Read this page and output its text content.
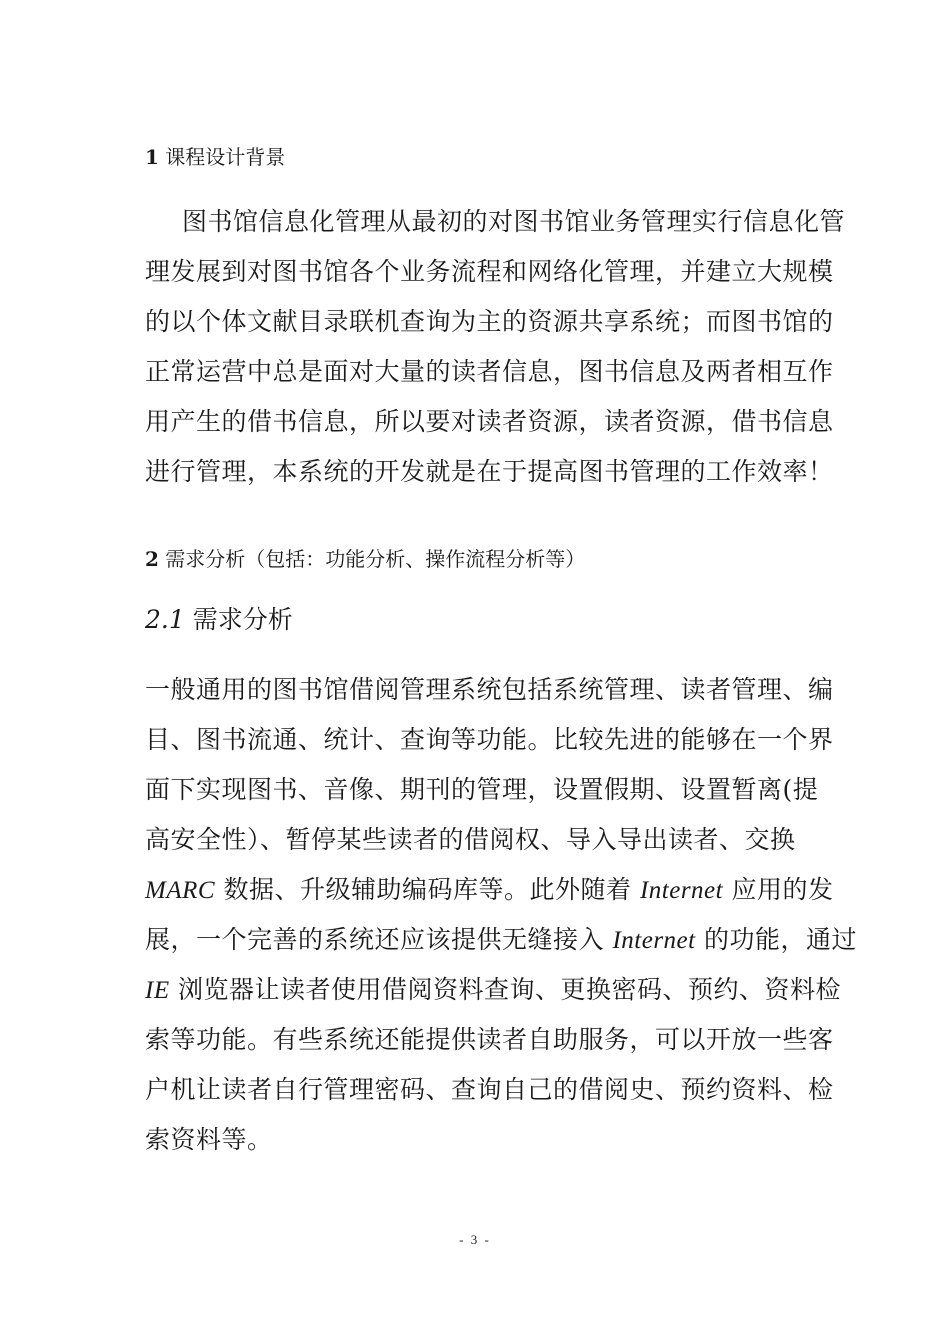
1 课程设计背景
图书馆信息化管理从最初的对图书馆业务管理实行信息化管
理发展到对图书馆各个业务流程和网络化管理，并建立大规模
的以个体文献目录联机查询为主的资源共享系统；而图书馆的
正常运营中总是面对大量的读者信息，图书信息及两者相互作
用产生的借书信息，所以要对读者资源，读者资源，借书信息
进行管理，本系统的开发就是在于提高图书管理的工作效率！
2 需求分析（包括：功能分析、操作流程分析等）
2.1 需求分析
一般通用的图书馆借阅管理系统包括系统管理、读者管理、编
目、图书流通、统计、查询等功能。比较先进的能够在一个界
面下实现图书、音像、期刊的管理，设置假期、设置暂离(提
高安全性）、暂停某些读者的借阅权、导入导出读者、交换
MARC 数据、升级辅助编码库等。此外随着 Internet 应用的发
展，一个完善的系统还应该提供无缝接入 Internet 的功能，通过
IE 浏览器让读者使用借阅资料查询、更换密码、预约、资料检
索等功能。有些系统还能提供读者自助服务，可以开放一些客
户机让读者自行管理密码、查询自己的借阅史、预约资料、检
索资料等。
- 3 -
